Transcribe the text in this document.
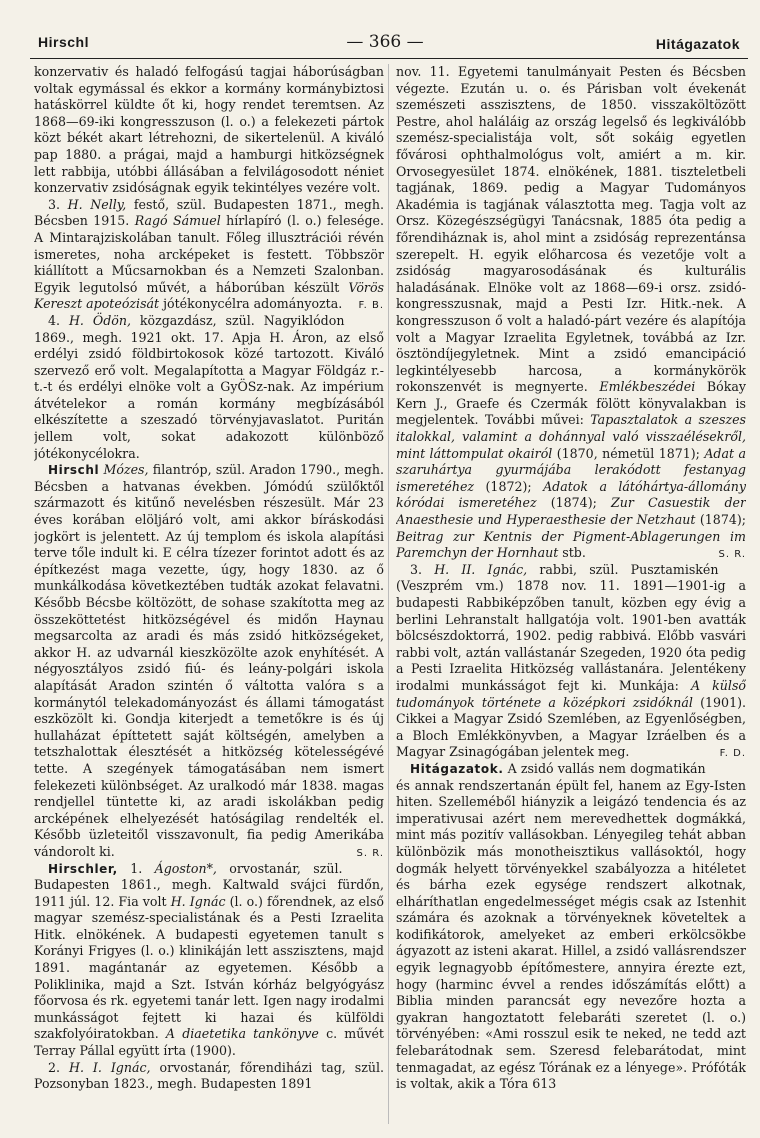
Hirschl	— 366 —	Hitágazatok

konzervativ és haladó felfogású tagjai háborúságban voltak egymással és ekkor a kormány kormánybiztosi hatáskörrel küldte őt ki, hogy rendet teremtsen. Az 1868—69-iki kongresszuson (l. o.) a felekezeti pártok közt békét akart létrehozni, de sikertelenül. A kiváló pap 1880. a prágai, majd a hamburgi hitközségnek lett rabbija, utóbbi állásában a felvilágosodott néniet konzervativ zsidóságnak egyik tekintélyes vezére volt.

3. H. Nelly, festő, szül. Budapesten 1871., megh. Bécsben 1915. Ragó Sámuel hírlapíró (l. o.) felesége. A Mintarajziskolában tanult. Főleg illusztrációi révén ismeretes, noha arcképeket is festett. Többször kiállított a Műcsarnokban és a Nemzeti Szalonban. Egyik legutolsó művét, a háborúban készült Vörös Kereszt apoteózisát jótékonycélra adományozta.	F. B.

4. H. Ödön, közgazdász, szül. Nagyiklódon 1869., megh. 1921 okt. 17. Apja H. Áron, az első erdélyi zsidó földbirtokosok közé tartozott. Kiváló szervező erő volt. Megalapította a Magyar Földgáz r.-t.-t és erdélyi elnöke volt a GyÖSz-nak. Az impérium átvételekor a román kormány megbízásából elkészítette a szeszadó törvényjavaslatot. Puritán jellem volt, sokat adakozott különböző jótékonycélokra.

Hirschl Mózes, filantróp, szül. Aradon 1790., megh. Bécsben a hatvanas években. Jómódú szülőktől származott és kitűnő nevelésben részesült. Már 23 éves korában elöljáró volt, ami akkor bíráskodási jogkört is jelentett. Az új templom és iskola alapítási terve tőle indult ki. E célra tízezer forintot adott és az építkezést maga vezette, úgy, hogy 1830. az ő munkálkodása következtében tudták azokat felavatni. Később Bécsbe költözött, de sohase szakította meg az összeköttetést hitközségével és midőn Haynau megsarcolta az aradi és más zsidó hitközségeket, akkor H. az udvarnál kieszközölte azok enyhítését. A négyosztályos zsidó fiú- és leány-polgári iskola alapítását Aradon szintén ő váltotta valóra s a kormánytól telekadományozást és állami támogatást eszközölt ki. Gondja kiterjedt a temetőkre is és új hullaházat építtetett saját költségén, amelyben a tetszhalottak élesztését a hitközség kötelességévé tette. A szegények támogatásában nem ismert felekezeti különbséget. Az uralkodó már 1838. magas rendjellel tüntette ki, az aradi iskolákban pedig arcképének elhelyezését hatóságilag rendelték el. Később üzleteitől visszavonult, fia pedig Amerikába vándorolt ki.	S. R.

Hirschler, 1. Ágoston*, orvostanár, szül. Budapesten 1861., megh. Kaltwald svájci fürdőn, 1911 júl. 12. Fia volt H. Ignác (l. o.) főrendnek, az első magyar szemész-specialistának és a Pesti Izraelita Hitk. elnökének. A budapesti egyetemen tanult s Korányi Frigyes (l. o.) klinikáján lett asszisztens, majd 1891. magántanár az egyetemen. Később a Poliklinika, majd a Szt. István kórház belgyógyász főorvosa és rk. egyetemi tanár lett. Igen nagy irodalmi munkásságot fejtett ki hazai és külföldi szakfolyóiratokban. A diaetetika tankönyve c. művét Terray Pállal együtt írta (1900).

2. H. I. Ignác, orvostanár, főrendiházi tag, szül. Pozsonyban 1823., megh. Budapesten 1891

nov. 11. Egyetemi tanulmányait Pesten és Bécsben végezte. Ezután u. o. és Párisban volt évekenát szemészeti asszisztens, de 1850. visszaköltözött Pestre, ahol haláláig az ország legelső és legkiválóbb szemész-specialistája volt, sőt sokáig egyetlen fővárosi ophthalmológus volt, amiért a m. kir. Orvosegyesület 1874. elnökének, 1881. tiszteletbeli tagjának, 1869. pedig a Magyar Tudományos Akadémia is tagjának választotta meg. Tagja volt az Orsz. Közegészségügyi Tanácsnak, 1885 óta pedig a főrendiháznak is, ahol mint a zsidóság reprezentánsa szerepelt. H. egyik előharcosa és vezetője volt a zsidóság magyarosodásának és kulturális haladásának. Elnöke volt az 1868—69-i orsz. zsidó-kongresszusnak, majd a Pesti Izr. Hitk.-nek. A kongresszuson ő volt a haladó-párt vezére és alapítója volt a Magyar Izraelita Egyletnek, továbbá az Izr. ösztöndíjegyletnek. Mint a zsidó emancipáció legkintélyesebb harcosa, a kormánykörök rokonszenvét is megnyerte. Emlékbeszédei Bókay Kern J., Graefe és Czermák fölött könyvalakban is megjelentek. További művei: Tapasztalatok a szeszes italokkal, valamint a dohánnyal való visszaélésekről, mint láttompulat okairól (1870, németül 1871); Adat a szaruhártya gyurmájába lerakódott festanyag ismeretéhez (1872); Adatok a látóhártya-állomány kóródai ismeretéhez (1874); Zur Casuestik der Anaesthesie und Hyperaesthesie der Netzhaut (1874); Beitrag zur Kentnis der Pigment-Ablagerungen im Paremchyn der Hornhaut stb.	S. R.

3. H. II. Ignác, rabbi, szül. Pusztamiskén (Veszprém vm.) 1878 nov. 11. 1891—1901-ig a budapesti Rabbiképzőben tanult, közben egy évig a berlini Lehranstalt hallgatója volt. 1901-ben avatták bölcsészdoktorrá, 1902. pedig rabbivá. Előbb vasvári rabbi volt, aztán vallástanár Szegeden, 1920 óta pedig a Pesti Izraelita Hitközség vallástanára. Jelentékeny irodalmi munkásságot fejt ki. Munkája: A külső tudományok története a középkori zsidóknál (1901). Cikkei a Magyar Zsidó Szemlében, az Egyenlőségben, a Bloch Emlékkönyvben, a Magyar Izráelben és a Magyar Zsinagógában jelentek meg.	F. D.

Hitágazatok. A zsidó vallás nem dogmatikán és annak rendszertanán épült fel, hanem az Egy-Isten hiten. Szelleméből hiányzik a leigázó tendencia és az imperativusai azért nem merevedhettek dogmákká, mint más pozitív vallásokban. Lényegileg tehát abban különbözik más monotheisztikus vallásoktól, hogy dogmák helyett törvényekkel szabályozza a hitéletet és bárha ezek egysége rendszert alkotnak, elháríthatlan engedelmességet mégis csak az Istenhit számára és azoknak a törvényeknek követeltek a kodifikátorok, amelyeket az emberi erkölcsökbe ágyazott az isteni akarat. Hillel, a zsidó vallásrendszer egyik legnagyobb építőmestere, annyira érezte ezt, hogy (harminc évvel a rendes időszámítás előtt) a Biblia minden parancsát egy nevezőre hozta a gyakran hangoztatott felebaráti szeretet (l. o.) törvényében: «Ami rosszul esik te neked, ne tedd azt felebarátodnak sem. Szeresd felebarátodat, mint tenmagadat, az egész Tórának ez a lényege». Prófóták is voltak, akik a Tóra 613
